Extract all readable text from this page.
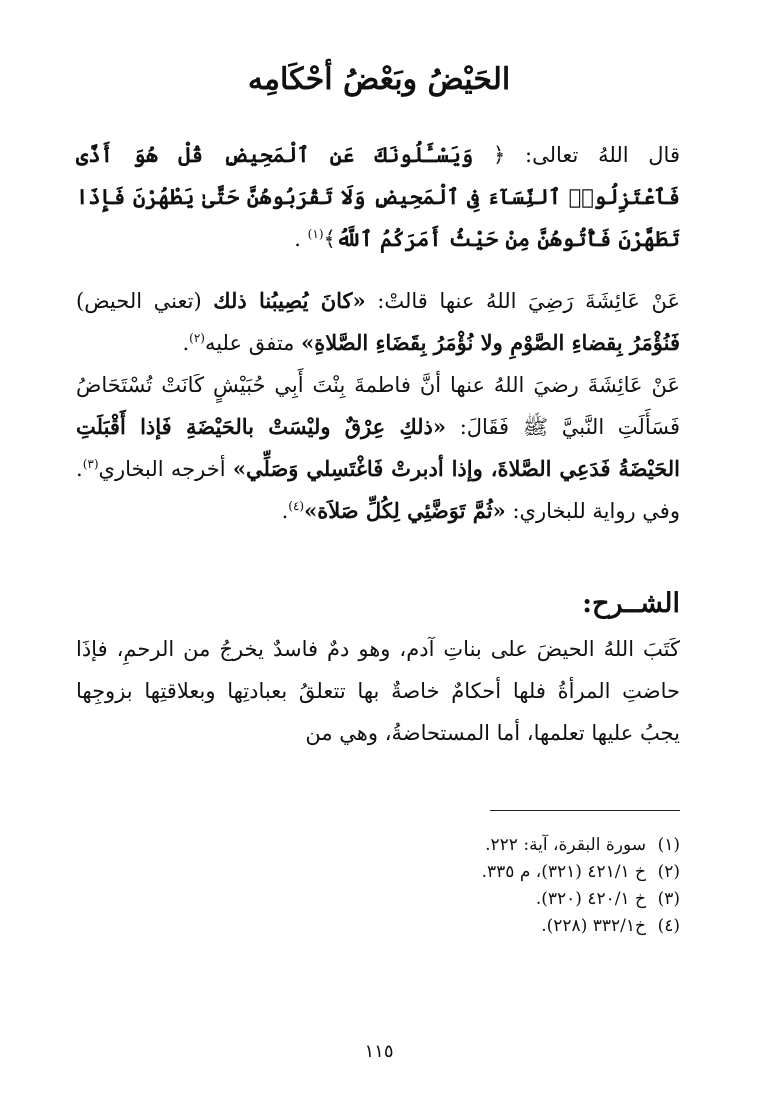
الحَيْضُ وبَعْضُ أحْكَامِه
قال اللهُ تعالى: ﴿ وَيَسْـَٔلُونَكَ عَنِ ٱلْمَحِيضِ قُلْ هُوَ أَذًى فَٱعْتَزِلُوا۟ ٱلنِّسَآءَ فِى ٱلْمَحِيضِ وَلَا تَقْرَبُوهُنَّ حَتَّىٰ يَطْهُرْنَ فَإِذَا تَطَهَّرْنَ فَأْتُوهُنَّ مِنْ حَيْثُ أَمَرَكُمُ ٱللَّهُ﴾$^{(١)}$ .
عَنْ عَائِشَةَ رَضِيَ اللهُ عنها قالتْ: «كانَ يُصِيبُنا ذلك (تعني الحيض) فَنُؤْمَرُ بِقضاءِ الصَّوْمِ ولا نُؤْمَرُ بِقَضَاءِ الصَّلاةِ» متفق عليه$^{(٢)}$.
عَنْ عَائِشَةَ رضيَ اللهُ عنها أنَّ فاطمةَ بِنْتَ أَبِي حُبَيْشٍ كَانَتْ تُسْتَحَاضُ فَسَأَلَتِ النَّبيَّ ﷺ فَقَالَ: «ذلكِ عِرْقٌ وليْسَتْ بالحَيْضَةِ فَإذا أَقْبَلَتِ الحَيْضَةُ فَدَعِي الصَّلاةَ، وإذا أدبرتْ فَاغْتَسِلي وَصَلِّي» أخرجه البخاري$^{(٣)}$. وفي رواية للبخاري: «ثُمَّ تَوَضَّئِي لِكُلِّ صَلاَة»$^{(٤)}$.
الشــرح:
كَتَبَ اللهُ الحيضَ على بناتِ آدم، وهو دمٌ فاسدٌ يخرجُ من الرحمِ، فإذَا حاضتِ المرأةُ فلها أحكامٌ خاصةٌ بها تتعلقُ بعبادتِها وبعلاقتِها بزوجِها يجبُ عليها تعلمها، أما المستحاضةُ، وهي من
(١)سورة البقرة، آية: ٢٢٢.
(٢)خ ٤٢١/١ (٣٢١)، م ٣٣٥.
(٣)خ ٤٢٠/١ (٣٢٠).
(٤)خ٣٣٢/١ (٢٢٨).
١١٥
